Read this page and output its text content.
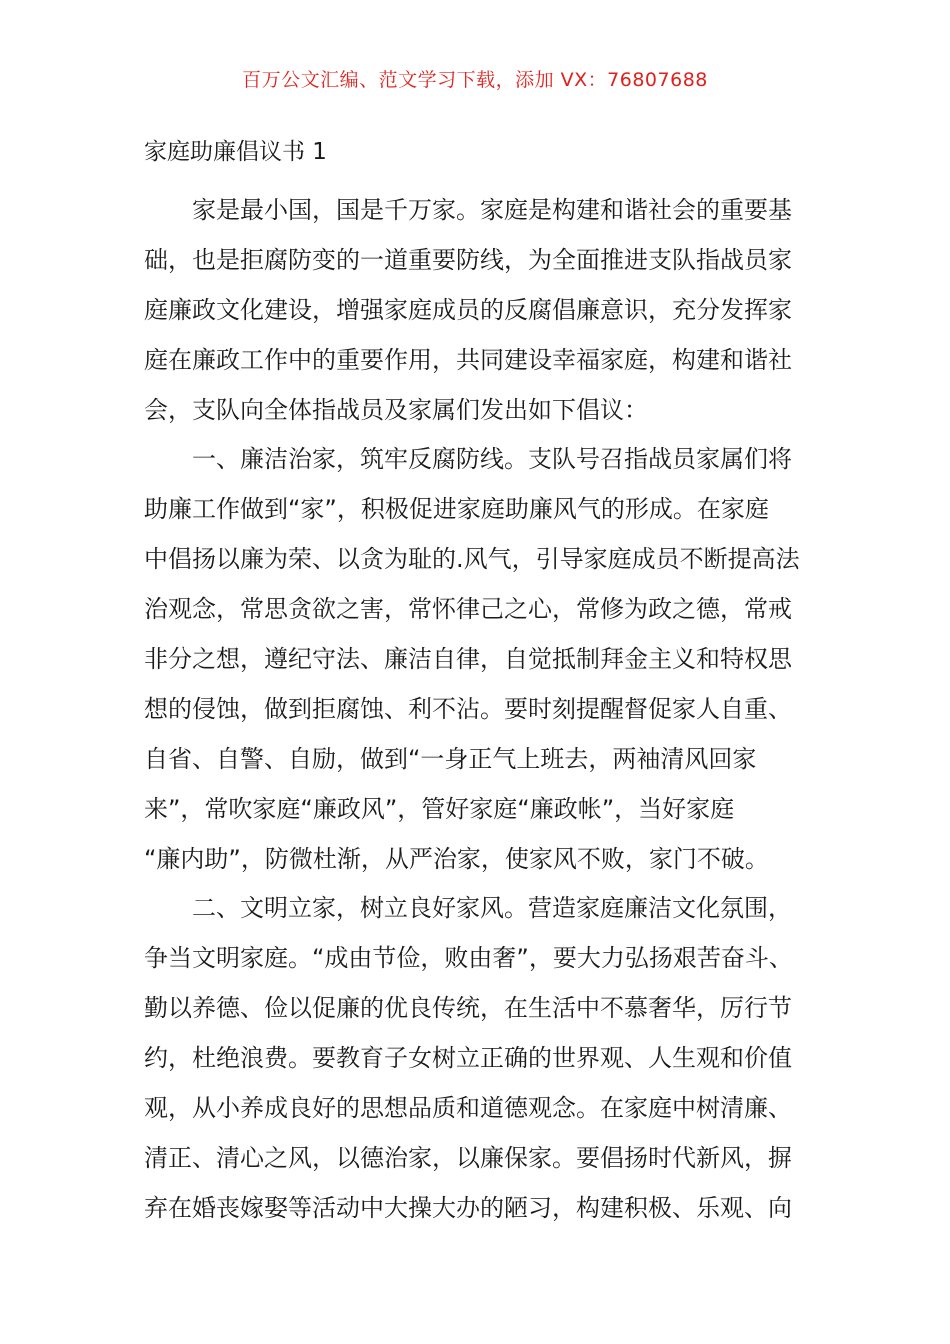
百万公文汇编、范文学习下载，添加 VX：76807688
家庭助廉倡议书 1
　　家是最小国，国是千万家。家庭是构建和谐社会的重要基
础，也是拒腐防变的一道重要防线，为全面推进支队指战员家
庭廉政文化建设，增强家庭成员的反腐倡廉意识，充分发挥家
庭在廉政工作中的重要作用，共同建设幸福家庭，构建和谐社
会，支队向全体指战员及家属们发出如下倡议：
　　一、廉洁治家，筑牢反腐防线。支队号召指战员家属们将
助廉工作做到“家”，积极促进家庭助廉风气的形成。在家庭
中倡扬以廉为荣、以贪为耻的.风气，引导家庭成员不断提高法
治观念，常思贪欲之害，常怀律己之心，常修为政之德，常戒
非分之想，遵纪守法、廉洁自律，自觉抵制拜金主义和特权思
想的侵蚀，做到拒腐蚀、利不沾。要时刻提醒督促家人自重、
自省、自警、自励，做到“一身正气上班去，两袖清风回家
来”，常吹家庭“廉政风”，管好家庭“廉政帐”，当好家庭
“廉内助”，防微杜渐，从严治家，使家风不败，家门不破。
　　二、文明立家，树立良好家风。营造家庭廉洁文化氛围，
争当文明家庭。“成由节俭，败由奢”，要大力弘扬艰苦奋斗、
勤以养德、俭以促廉的优良传统，在生活中不慕奢华，厉行节
约，杜绝浪费。要教育子女树立正确的世界观、人生观和价值
观，从小养成良好的思想品质和道德观念。在家庭中树清廉、
清正、清心之风，以德治家，以廉保家。要倡扬时代新风，摒
弃在婚丧嫁娶等活动中大操大办的陋习，构建积极、乐观、向
